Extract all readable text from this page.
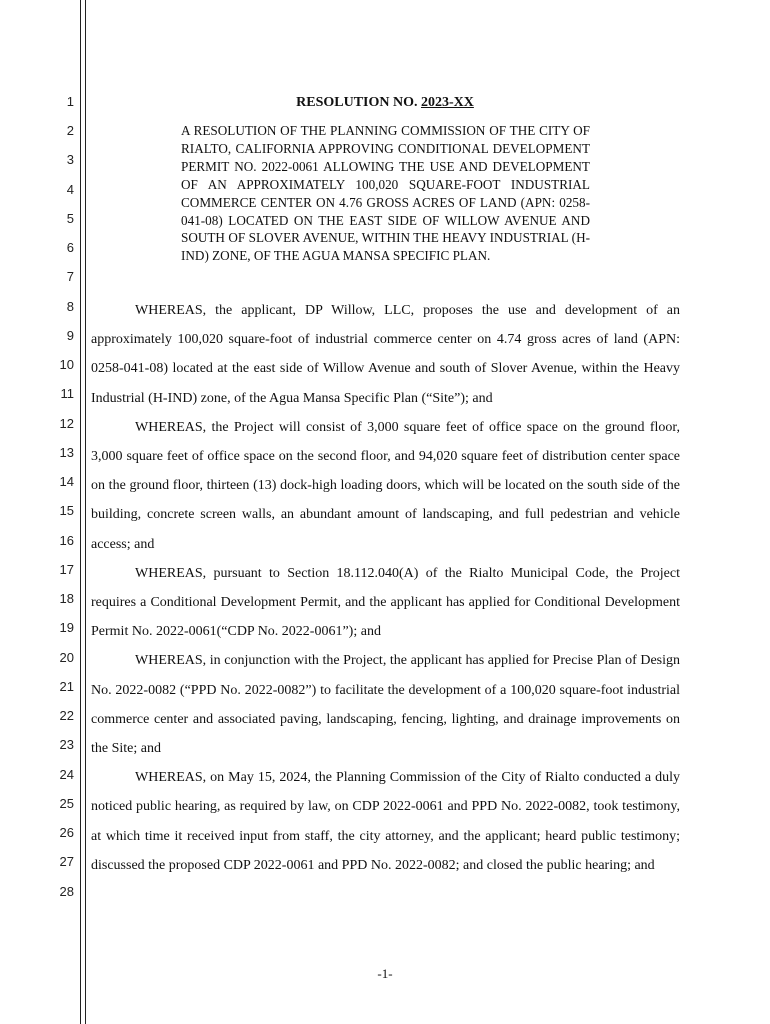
1
2
3
4
5
6
7
8
9
10
11
12
13
14
15
16
17
18
19
20
21
22
23
24
25
26
27
28
RESOLUTION NO. 2023-XX
A RESOLUTION OF THE PLANNING COMMISSION OF THE CITY OF RIALTO, CALIFORNIA APPROVING CONDITIONAL DEVELOPMENT PERMIT NO. 2022-0061 ALLOWING THE USE AND DEVELOPMENT OF AN APPROXIMATELY 100,020 SQUARE-FOOT INDUSTRIAL COMMERCE CENTER ON 4.76 GROSS ACRES OF LAND (APN: 0258-041-08) LOCATED ON THE EAST SIDE OF WILLOW AVENUE AND SOUTH OF SLOVER AVENUE, WITHIN THE HEAVY INDUSTRIAL (H-IND) ZONE, OF THE AGUA MANSA SPECIFIC PLAN.

WHEREAS, the applicant, DP Willow, LLC, proposes the use and development of an approximately 100,020 square-foot of industrial commerce center on 4.74 gross acres of land (APN: 0258-041-08) located at the east side of Willow Avenue and south of Slover Avenue, within the Heavy Industrial (H-IND) zone, of the Agua Mansa Specific Plan (“Site”); and

WHEREAS, the Project will consist of 3,000 square feet of office space on the ground floor, 3,000 square feet of office space on the second floor, and 94,020 square feet of distribution center space on the ground floor, thirteen (13) dock-high loading doors, which will be located on the south side of the building, concrete screen walls, an abundant amount of landscaping, and full pedestrian and vehicle access; and

WHEREAS, pursuant to Section 18.112.040(A) of the Rialto Municipal Code, the Project requires a Conditional Development Permit, and the applicant has applied for Conditional Development Permit No. 2022-0061(“CDP No. 2022-0061”); and

WHEREAS, in conjunction with the Project, the applicant has applied for Precise Plan of Design No. 2022-0082 (“PPD No. 2022-0082”) to facilitate the development of a 100,020 square-foot industrial commerce center and associated paving, landscaping, fencing, lighting, and drainage improvements on the Site; and

WHEREAS, on May 15, 2024, the Planning Commission of the City of Rialto conducted a duly noticed public hearing, as required by law, on CDP 2022-0061 and PPD No. 2022-0082, took testimony, at which time it received input from staff, the city attorney, and the applicant; heard public testimony; discussed the proposed CDP 2022-0061 and PPD No. 2022-0082; and closed the public hearing; and

-1-
